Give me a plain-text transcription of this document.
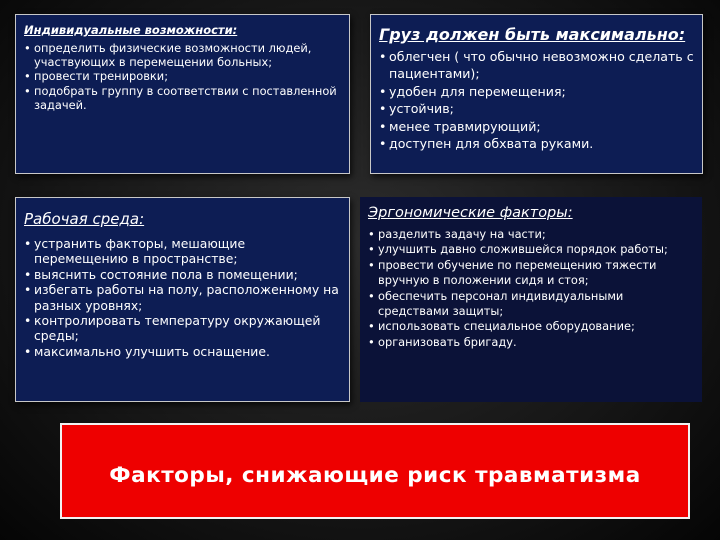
Индивидуальные возможности:
• определить физические возможности людей, участвующих в перемещении больных;
• провести тренировки;
• подобрать группу в соответствии с поставленной задачей.
Груз должен быть максимально:
• облегчен ( что обычно невозможно сделать с пациентами);
• удобен для перемещения;
• устойчив;
• менее травмирующий;
• доступен для обхвата руками.
Рабочая среда:
• устранить факторы, мешающие перемещению в пространстве;
• выяснить состояние пола в помещении;
• избегать работы на полу, расположенному на разных уровнях;
• контролировать температуру окружающей среды;
• максимально улучшить оснащение.
Эргономические факторы:
• разделить задачу на части;
• улучшить давно сложившейся порядок работы;
• провести обучение по перемещению тяжести вручную в положении сидя и стоя;
• обеспечить персонал индивидуальными средствами защиты;
• использовать специальное оборудование;
• организовать бригаду.
Факторы, снижающие риск травматизма
